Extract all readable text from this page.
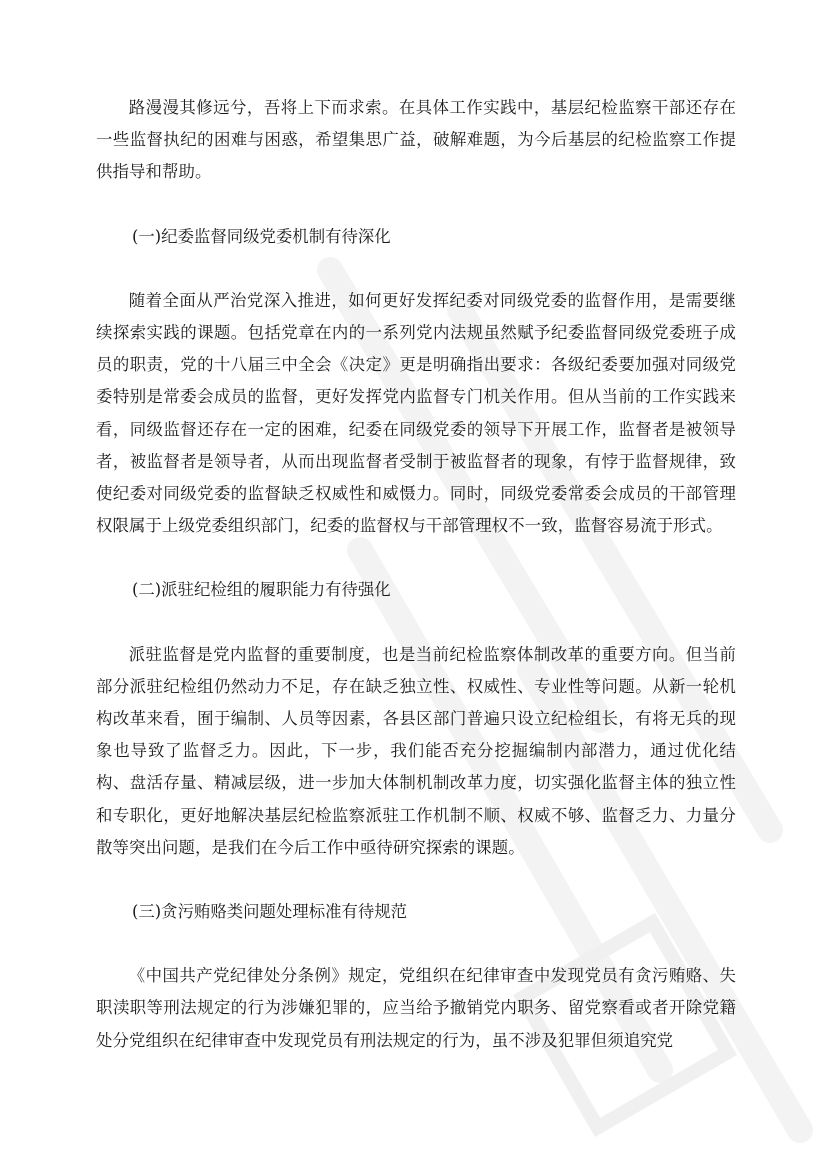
路漫漫其修远兮，吾将上下而求索。在具体工作实践中，基层纪检监察干部还存在一些监督执纪的困难与困惑，希望集思广益，破解难题，为今后基层的纪检监察工作提供指导和帮助。

(一)纪委监督同级党委机制有待深化

随着全面从严治党深入推进，如何更好发挥纪委对同级党委的监督作用，是需要继续探索实践的课题。包括党章在内的一系列党内法规虽然赋予纪委监督同级党委班子成员的职责，党的十八届三中全会《决定》更是明确指出要求：各级纪委要加强对同级党委特别是常委会成员的监督，更好发挥党内监督专门机关作用。但从当前的工作实践来看，同级监督还存在一定的困难，纪委在同级党委的领导下开展工作，监督者是被领导者，被监督者是领导者，从而出现监督者受制于被监督者的现象，有悖于监督规律，致使纪委对同级党委的监督缺乏权威性和威慑力。同时，同级党委常委会成员的干部管理权限属于上级党委组织部门，纪委的监督权与干部管理权不一致，监督容易流于形式。

(二)派驻纪检组的履职能力有待强化

派驻监督是党内监督的重要制度，也是当前纪检监察体制改革的重要方向。但当前部分派驻纪检组仍然动力不足，存在缺乏独立性、权威性、专业性等问题。从新一轮机构改革来看，囿于编制、人员等因素，各县区部门普遍只设立纪检组长，有将无兵的现象也导致了监督乏力。因此，下一步，我们能否充分挖掘编制内部潜力，通过优化结构、盘活存量、精减层级，进一步加大体制机制改革力度，切实强化监督主体的独立性和专职化，更好地解决基层纪检监察派驻工作机制不顺、权威不够、监督乏力、力量分散等突出问题，是我们在今后工作中亟待研究探索的课题。

(三)贪污贿赂类问题处理标准有待规范

《中国共产党纪律处分条例》规定，党组织在纪律审查中发现党员有贪污贿赂、失职渎职等刑法规定的行为涉嫌犯罪的，应当给予撤销党内职务、留党察看或者开除党籍处分党组织在纪律审查中发现党员有刑法规定的行为，虽不涉及犯罪但须追究党
